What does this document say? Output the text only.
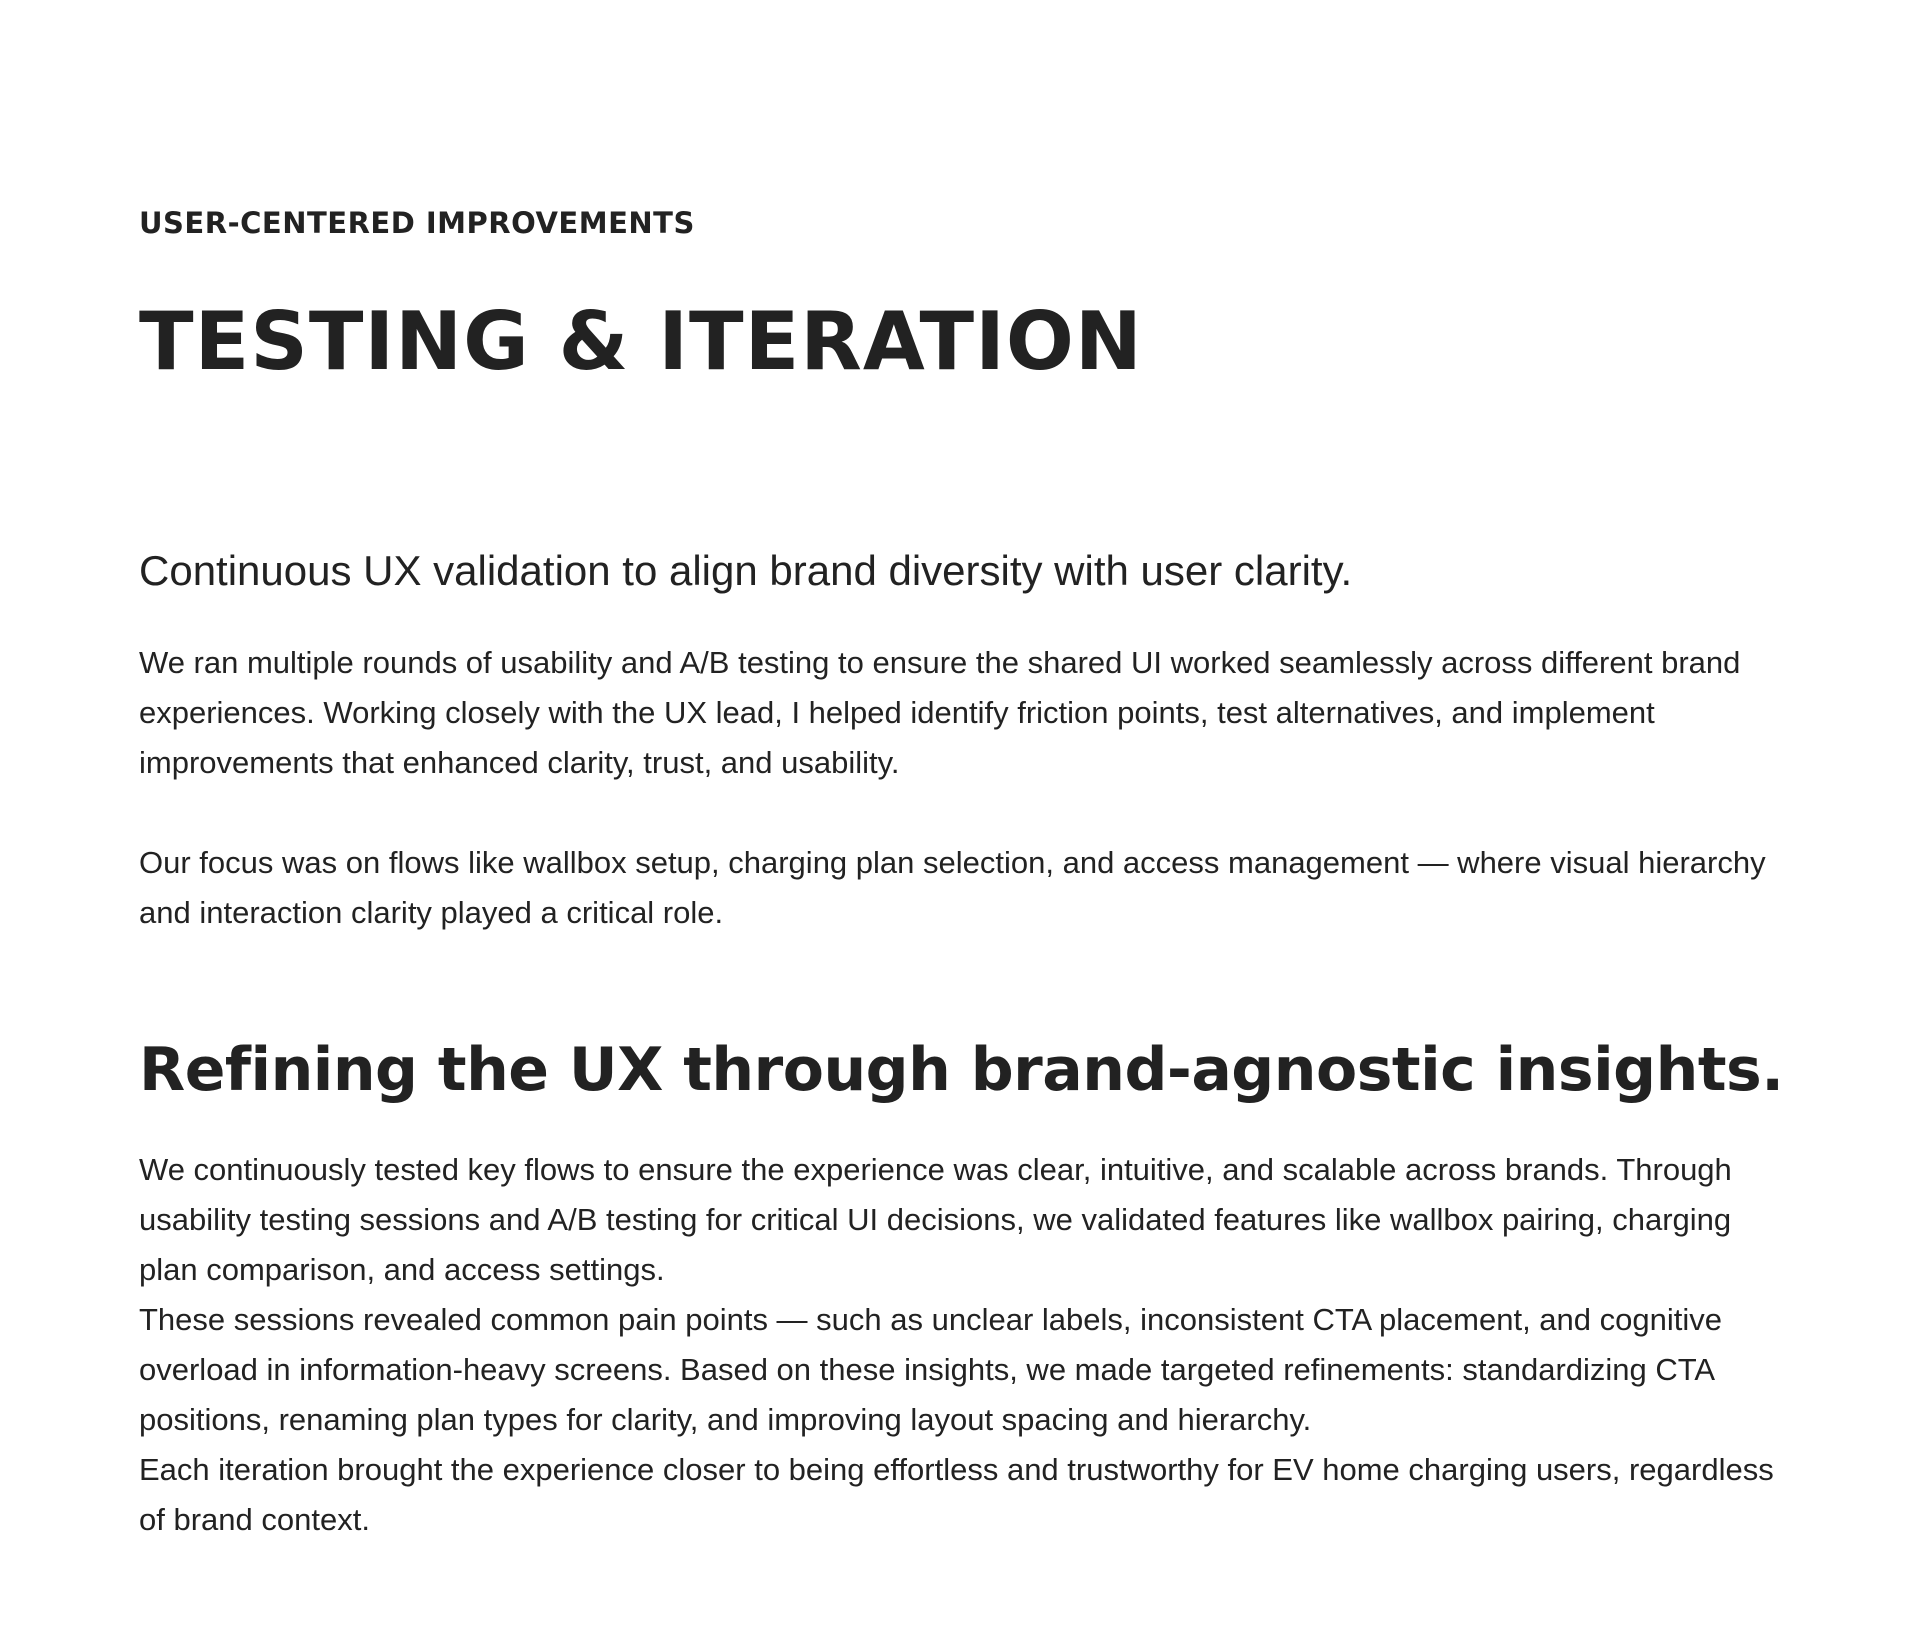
USER-CENTERED IMPROVEMENTS

TESTING & ITERATION

Continuous UX validation to align brand diversity with user clarity.

We ran multiple rounds of usability and A/B testing to ensure the shared UI worked seamlessly across different brand experiences. Working closely with the UX lead, I helped identify friction points, test alternatives, and implement improvements that enhanced clarity, trust, and usability.

Our focus was on flows like wallbox setup, charging plan selection, and access management — where visual hierarchy and interaction clarity played a critical role.

Refining the UX through brand-agnostic insights.

We continuously tested key flows to ensure the experience was clear, intuitive, and scalable across brands. Through usability testing sessions and A/B testing for critical UI decisions, we validated features like wallbox pairing, charging plan comparison, and access settings.

These sessions revealed common pain points — such as unclear labels, inconsistent CTA placement, and cognitive overload in information-heavy screens. Based on these insights, we made targeted refinements: standardizing CTA positions, renaming plan types for clarity, and improving layout spacing and hierarchy.

Each iteration brought the experience closer to being effortless and trustworthy for EV home charging users, regardless of brand context.
